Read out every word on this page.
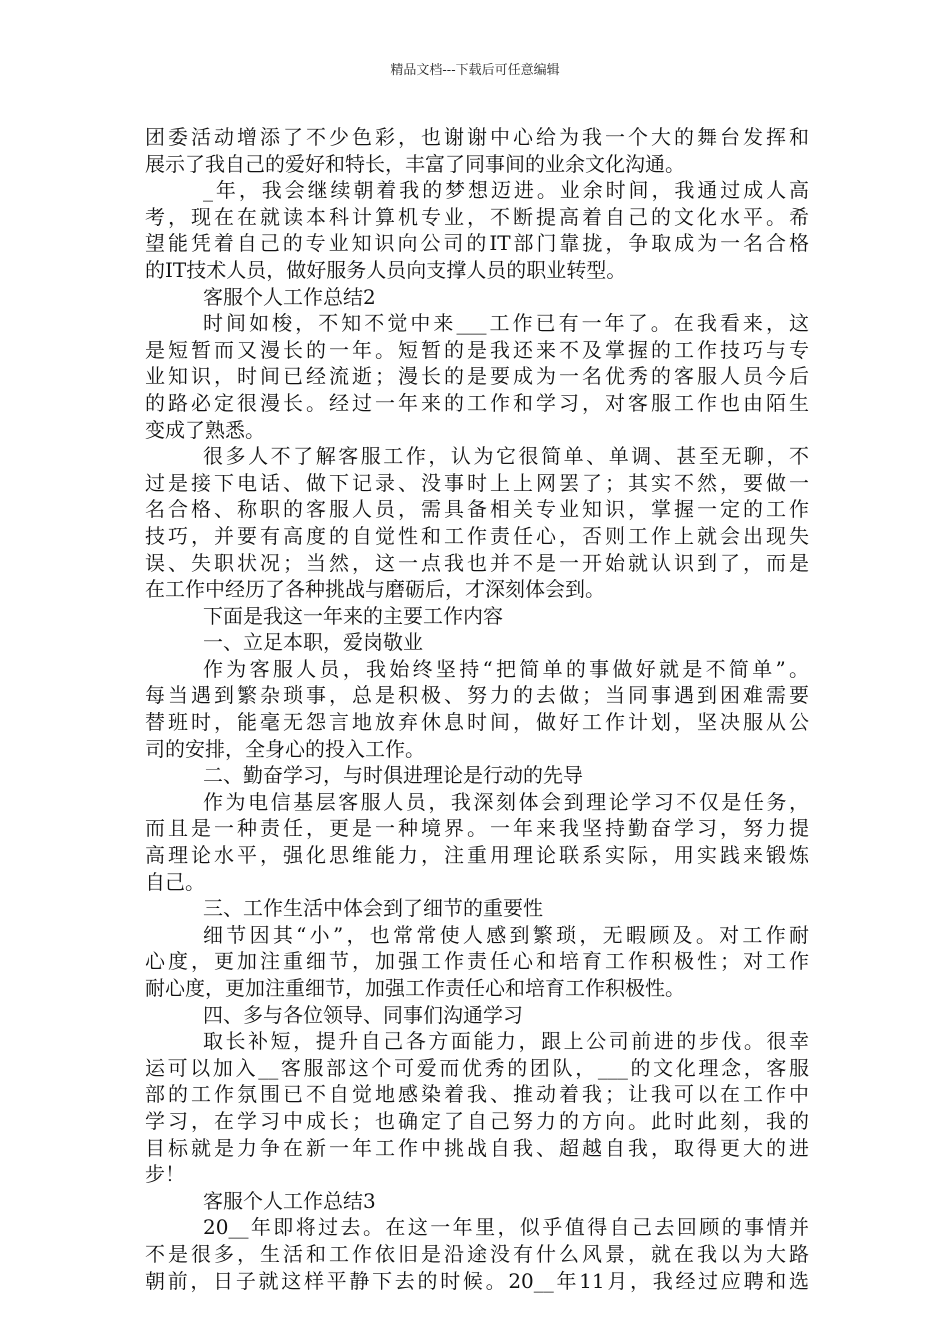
精品文档---下载后可任意编辑
团委活动增添了不少色彩，也谢谢中心给为我一个大的舞台发挥和
展示了我自己的爱好和特长，丰富了同事间的业余文化沟通。
_年，我会继续朝着我的梦想迈进。业余时间，我通过成人高
考，现在在就读本科计算机专业，不断提高着自己的文化水平。希
望能凭着自己的专业知识向公司的IT部门靠拢，争取成为一名合格
的IT技术人员，做好服务人员向支撑人员的职业转型。
客服个人工作总结2
时间如梭，不知不觉中来___工作已有一年了。在我看来，这
是短暂而又漫长的一年。短暂的是我还来不及掌握的工作技巧与专
业知识，时间已经流逝；漫长的是要成为一名优秀的客服人员今后
的路必定很漫长。经过一年来的工作和学习，对客服工作也由陌生
变成了熟悉。
很多人不了解客服工作，认为它很简单、单调、甚至无聊，不
过是接下电话、做下记录、没事时上上网罢了；其实不然，要做一
名合格、称职的客服人员，需具备相关专业知识，掌握一定的工作
技巧，并要有高度的自觉性和工作责任心，否则工作上就会出现失
误、失职状况；当然，这一点我也并不是一开始就认识到了，而是
在工作中经历了各种挑战与磨砺后，才深刻体会到。
下面是我这一年来的主要工作内容
一、立足本职，爱岗敬业
作为客服人员，我始终坚持“把简单的事做好就是不简单”。
每当遇到繁杂琐事，总是积极、努力的去做；当同事遇到困难需要
替班时，能毫无怨言地放弃休息时间，做好工作计划，坚决服从公
司的安排，全身心的投入工作。
二、勤奋学习，与时俱进理论是行动的先导
作为电信基层客服人员，我深刻体会到理论学习不仅是任务，
而且是一种责任，更是一种境界。一年来我坚持勤奋学习，努力提
高理论水平，强化思维能力，注重用理论联系实际，用实践来锻炼
自己。
三、工作生活中体会到了细节的重要性
细节因其“小”，也常常使人感到繁琐，无暇顾及。对工作耐
心度，更加注重细节，加强工作责任心和培育工作积极性；对工作
耐心度，更加注重细节，加强工作责任心和培育工作积极性。
四、多与各位领导、同事们沟通学习
取长补短，提升自己各方面能力，跟上公司前进的步伐。很幸
运可以加入__客服部这个可爱而优秀的团队，___的文化理念，客服
部的工作氛围已不自觉地感染着我、推动着我；让我可以在工作中
学习，在学习中成长；也确定了自己努力的方向。此时此刻，我的
目标就是力争在新一年工作中挑战自我、超越自我，取得更大的进
步！
客服个人工作总结3
20__年即将过去。在这一年里，似乎值得自己去回顾的事情并
不是很多，生活和工作依旧是沿途没有什么风景，就在我以为大路
朝前，日子就这样平静下去的时候。20__年11月，我经过应聘和选
